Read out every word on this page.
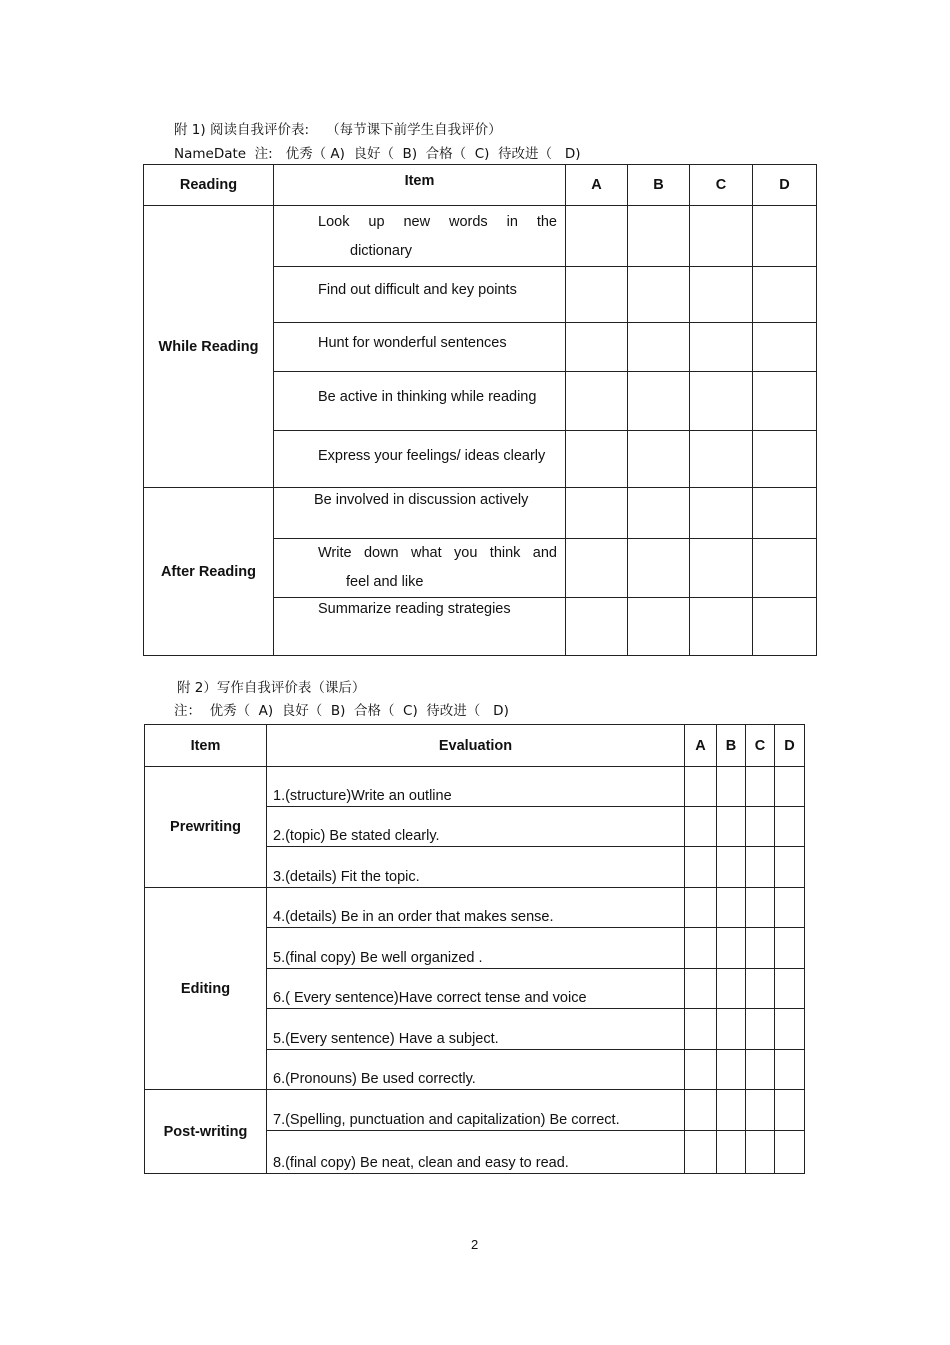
附 1) 阅读自我评价表:    （每节课下前学生自我评价）
NameDate  注:   优秀（ A)  良好（  B)  合格（  C)  待改进（   D)
Reading	Item	A	B	C	D
While Reading	Look up new words in the
dictionary				

	Find out difficult and key points				
	Hunt for wonderful sentences				
	Be active in thinking while reading				
	Express your feelings/ ideas clearly				
After Reading	Be involved in discussion actively				

	Write down what you think and
feel and like				

	Summarize reading strategies				
附 2）写作自我评价表（课后）
注：  优秀（  A)  良好（  B)  合格（  C)  待改进（   D)
Item	Evaluation	A	B	C	D
Prewriting	1.(structure)Write an outline				
	2.(topic) Be stated clearly.				
	3.(details) Fit the topic.				
Editing	4.(details) Be in an order that makes sense.				
	5.(final copy) Be well organized .				
	6.( Every sentence)Have correct tense and voice				
	5.(Every sentence) Have a subject.				
	6.(Pronouns) Be used correctly.				
Post-writing	7.(Spelling, punctuation and capitalization) Be correct.				
	8.(final copy) Be neat, clean and easy to read.				
2
